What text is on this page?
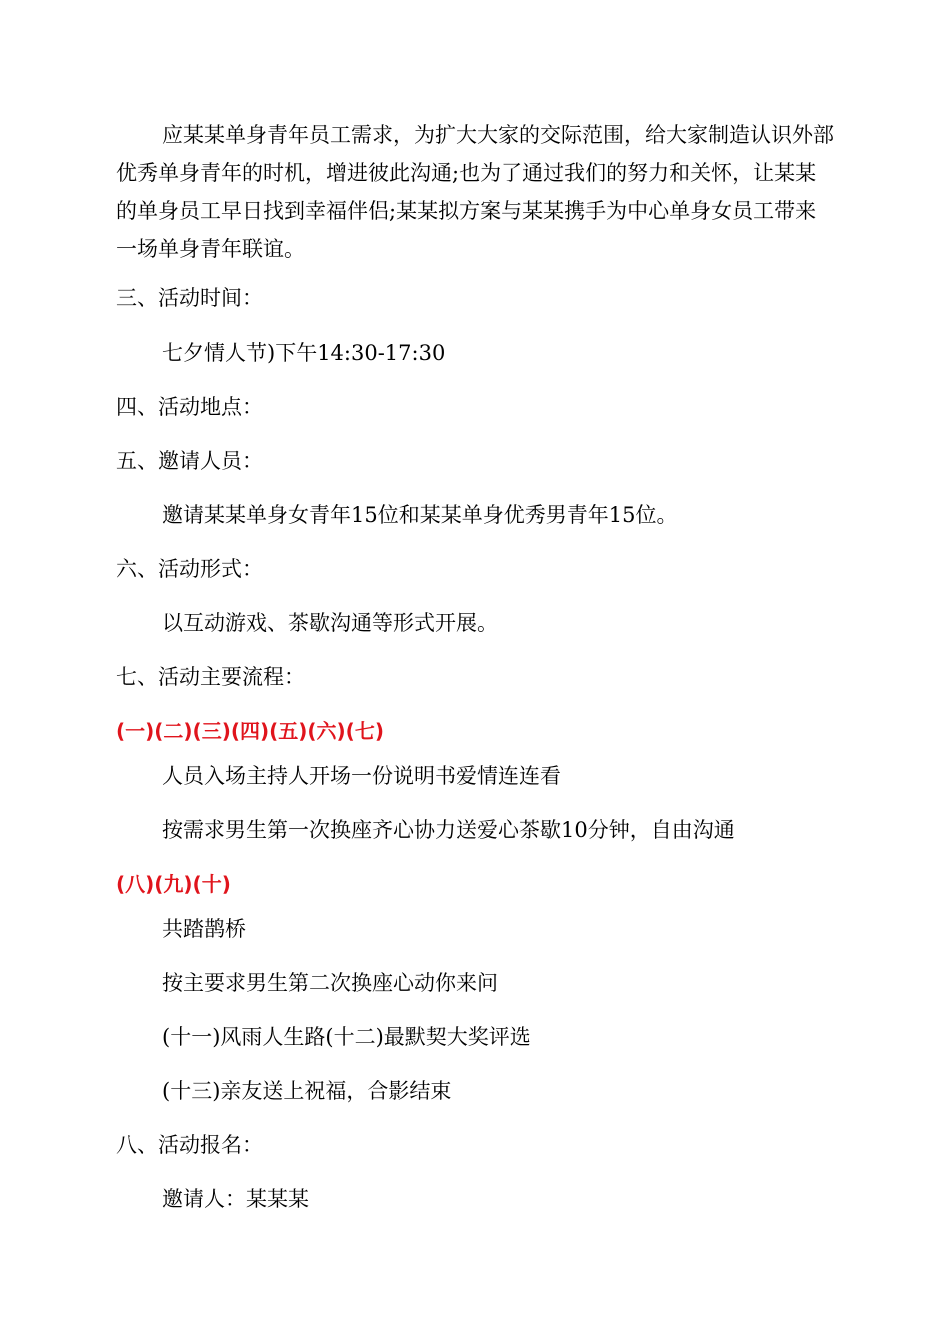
应某某单身青年员工需求，为扩大大家的交际范围，给大家制造认识外部优秀单身青年的时机，增进彼此沟通;也为了通过我们的努力和关怀，让某某的单身员工早日找到幸福伴侣;某某拟方案与某某携手为中心单身女员工带来一场单身青年联谊。
三、活动时间：
七夕情人节)下午14:30-17:30
四、活动地点：
五、邀请人员：
邀请某某单身女青年15位和某某单身优秀男青年15位。
六、活动形式：
以互动游戏、茶歇沟通等形式开展。
七、活动主要流程：
(一)(二)(三)(四)(五)(六)(七)
人员入场主持人开场一份说明书爱情连连看
按需求男生第一次换座齐心协力送爱心茶歇10分钟，自由沟通
(八)(九)(十)
共踏鹊桥
按主要求男生第二次换座心动你来问
(十一)风雨人生路(十二)最默契大奖评选
(十三)亲友送上祝福，合影结束
八、活动报名：
邀请人：某某某
